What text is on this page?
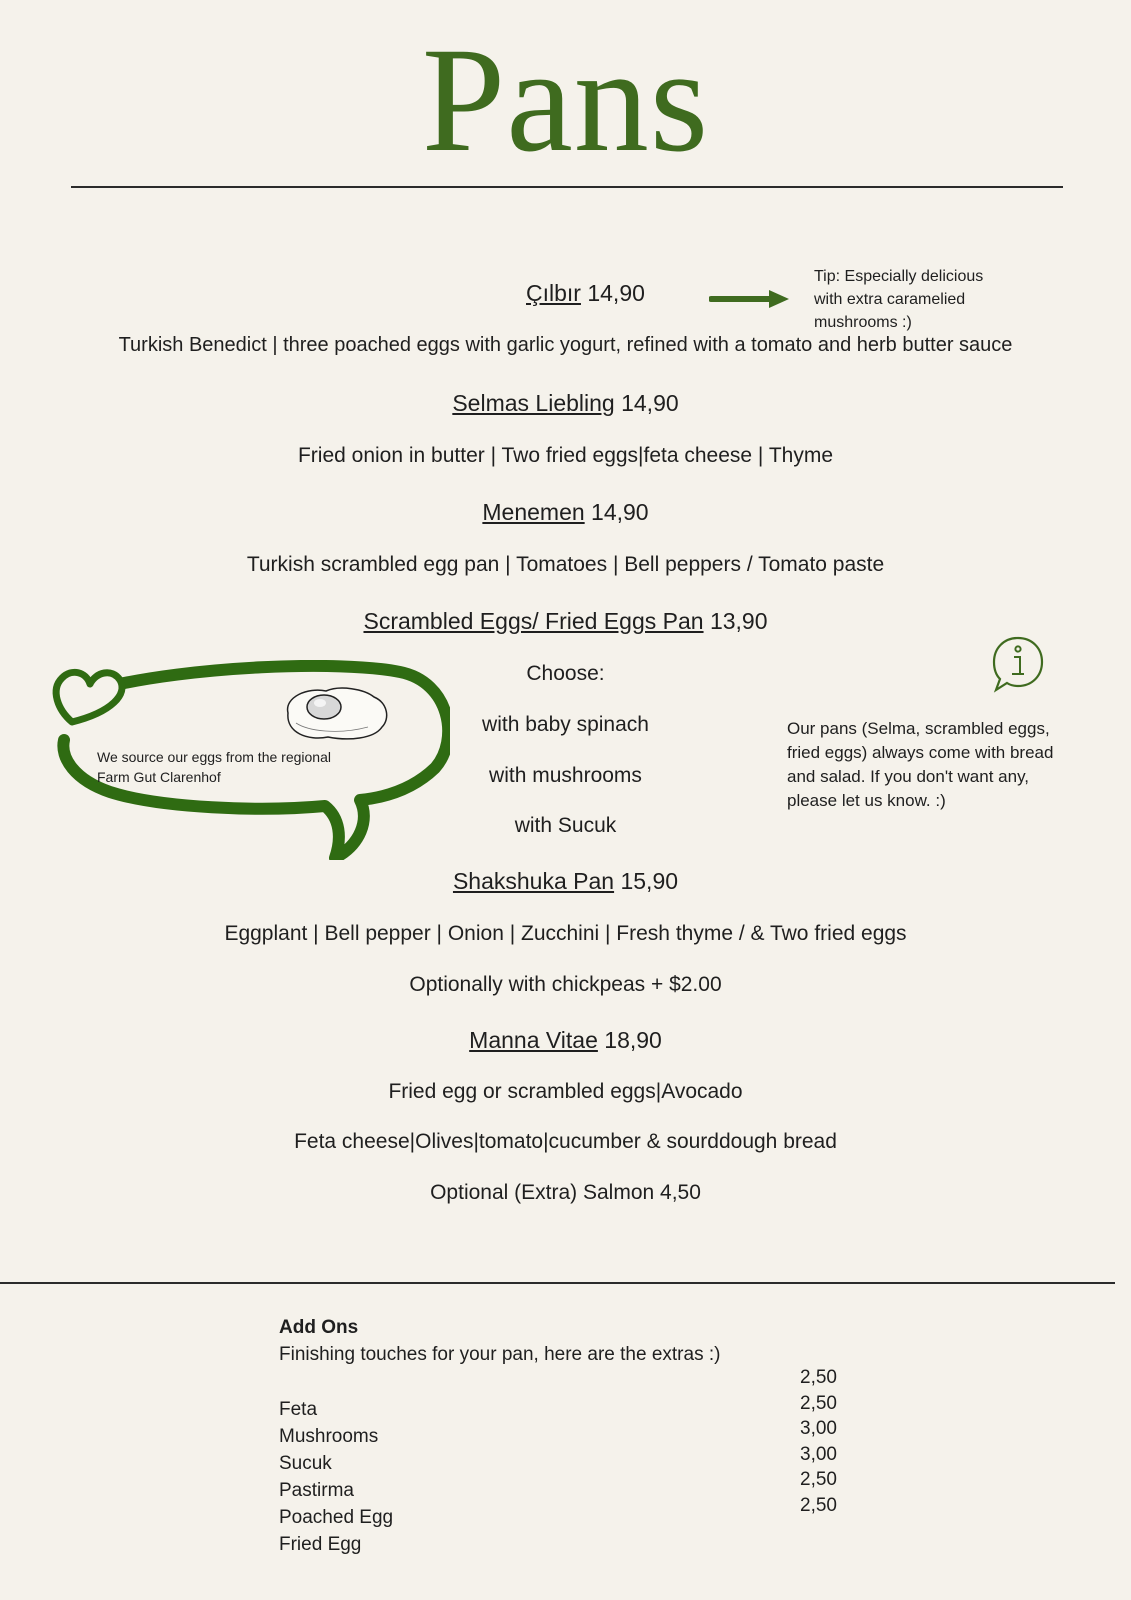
Pans
Çılbır 14,90
Tip: Especially delicious
with extra caramelied
mushrooms :)
Turkish Benedict | three poached eggs with garlic yogurt, refined with a tomato and herb butter sauce
Selmas Liebling 14,90
Fried onion in butter | Two fried eggs|feta cheese | Thyme
Menemen 14,90
Turkish scrambled egg pan | Tomatoes | Bell peppers / Tomato paste
Scrambled Eggs/ Fried Eggs Pan 13,90
Choose:
with baby spinach
with mushrooms
with Sucuk
We source our eggs from the regional
Farm Gut Clarenhof
Our pans (Selma, scrambled eggs,
fried eggs) always come with bread
and salad. If you don't want any,
please let us know. :)
Shakshuka Pan 15,90
Eggplant | Bell pepper | Onion | Zucchini | Fresh thyme / & Two fried eggs
Optionally with chickpeas + $2.00
Manna Vitae 18,90
Fried egg or scrambled eggs|Avocado
Feta cheese|Olives|tomato|cucumber & sourddough bread
Optional (Extra) Salmon 4,50
Add Ons
Finishing touches for your pan, here are the extras :)
Feta
Mushrooms
Sucuk
Pastirma
Poached Egg
Fried Egg
2,50
2,50
3,00
3,00
2,50
2,50
